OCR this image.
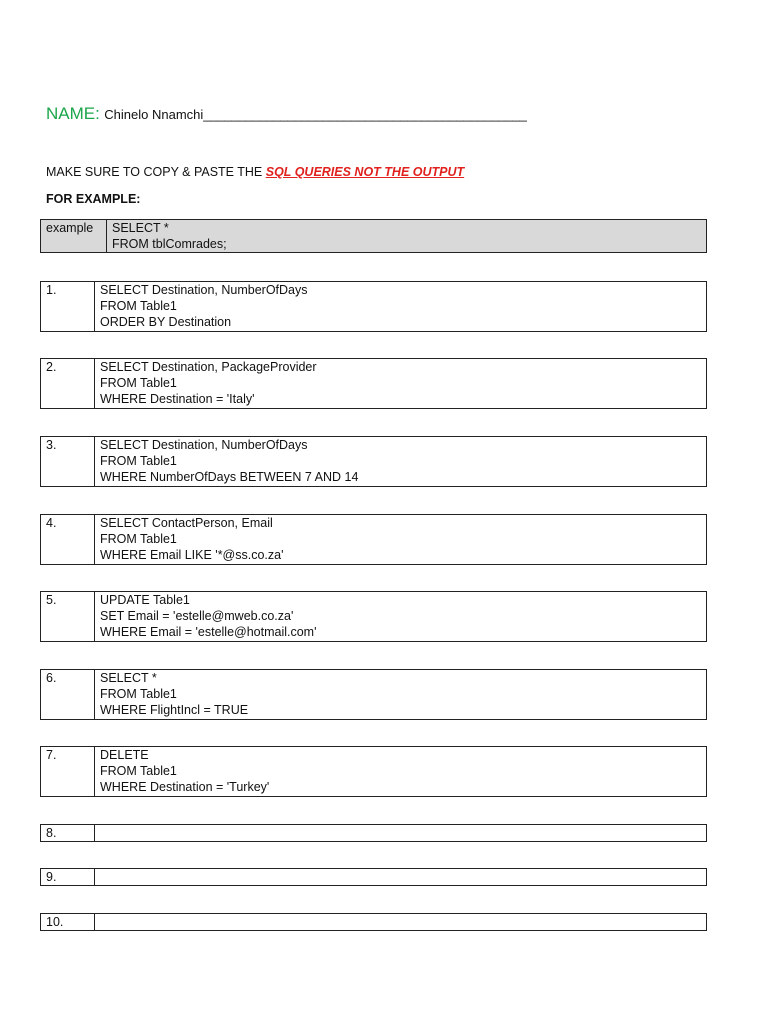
NAME: Chinelo Nnamchi______________________________________________
MAKE SURE TO COPY & PASTE THE SQL QUERIES NOT THE OUTPUT
FOR EXAMPLE:
example	SELECT *
FROM tblComrades;
1.	SELECT Destination, NumberOfDays
FROM Table1
ORDER BY Destination
2.	SELECT Destination, PackageProvider
FROM Table1
WHERE Destination = 'Italy'
3.	SELECT Destination, NumberOfDays
FROM Table1
WHERE NumberOfDays BETWEEN 7 AND 14
4.	SELECT ContactPerson, Email
FROM Table1
WHERE Email LIKE '*@ss.co.za'
5.	UPDATE Table1
SET Email = 'estelle@mweb.co.za'
WHERE Email = 'estelle@hotmail.com'
6.	SELECT *
FROM Table1
WHERE FlightIncl = TRUE
7.	DELETE
FROM Table1
WHERE Destination = 'Turkey'
8.	
9.	
10.	
